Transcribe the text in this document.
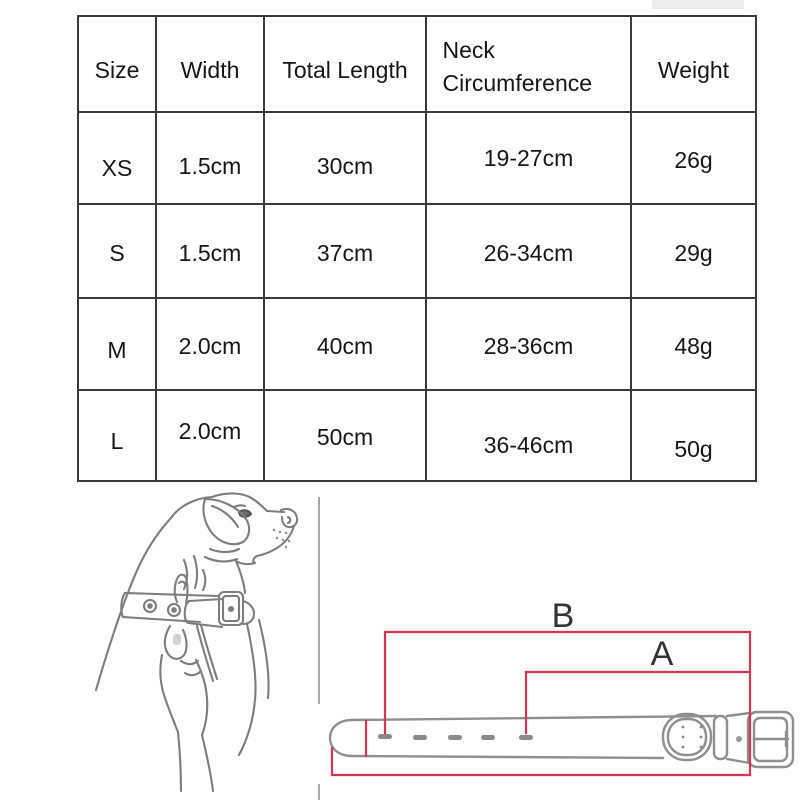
Size	Width	Total Length	Neck Circumference	Weight
XS	1.5cm	30cm	19-27cm	26g
S	1.5cm	37cm	26-34cm	29g
M	2.0cm	40cm	28-36cm	48g
L	2.0cm	50cm	36-46cm	50g
B
A
